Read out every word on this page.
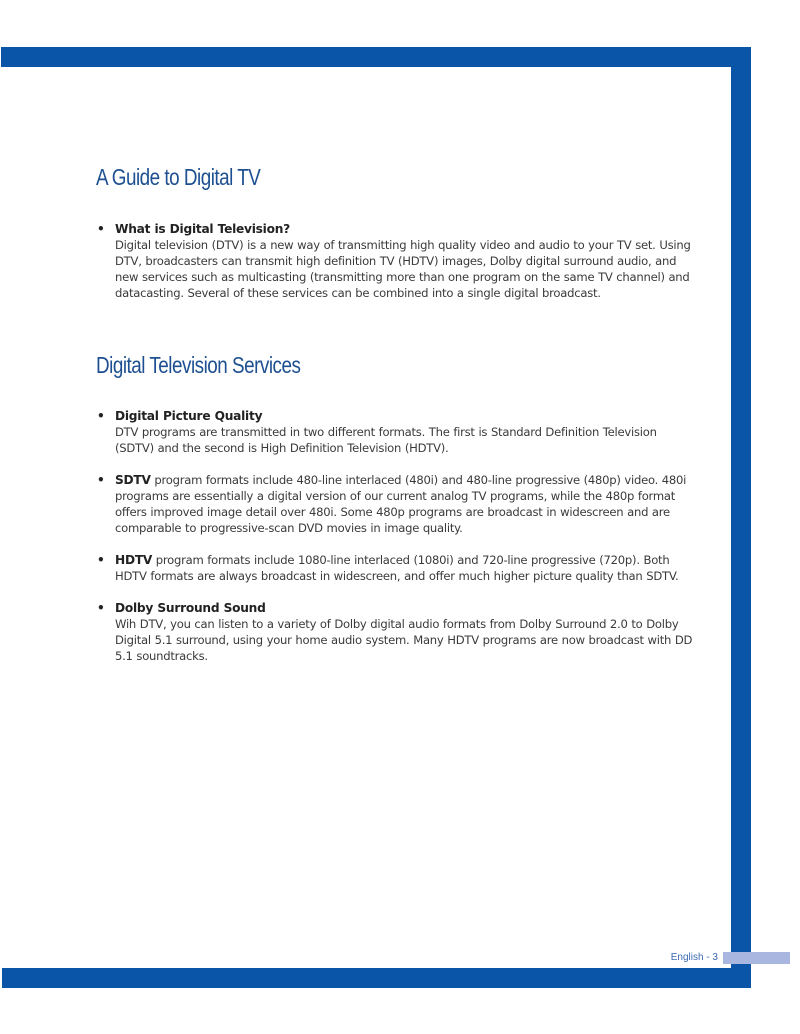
A Guide to Digital TV
• What is Digital Television?
Digital television (DTV) is a new way of transmitting high quality video and audio to your TV set. Using DTV, broadcasters can transmit high definition TV (HDTV) images, Dolby digital surround audio, and new services such as multicasting (transmitting more than one program on the same TV channel) and datacasting. Several of these services can be combined into a single digital broadcast.
Digital Television Services
• Digital Picture Quality
DTV programs are transmitted in two different formats. The first is Standard Definition Television (SDTV) and the second is High Definition Television (HDTV).
• SDTV program formats include 480-line interlaced (480i) and 480-line progressive (480p) video. 480i programs are essentially a digital version of our current analog TV programs, while the 480p format offers improved image detail over 480i. Some 480p programs are broadcast in widescreen and are comparable to progressive-scan DVD movies in image quality.
• HDTV program formats include 1080-line interlaced (1080i) and 720-line progressive (720p). Both HDTV formats are always broadcast in widescreen, and offer much higher picture quality than SDTV.
• Dolby Surround Sound
Wih DTV, you can listen to a variety of Dolby digital audio formats from Dolby Surround 2.0 to Dolby Digital 5.1 surround, using your home audio system. Many HDTV programs are now broadcast with DD 5.1 soundtracks.
English - 3
